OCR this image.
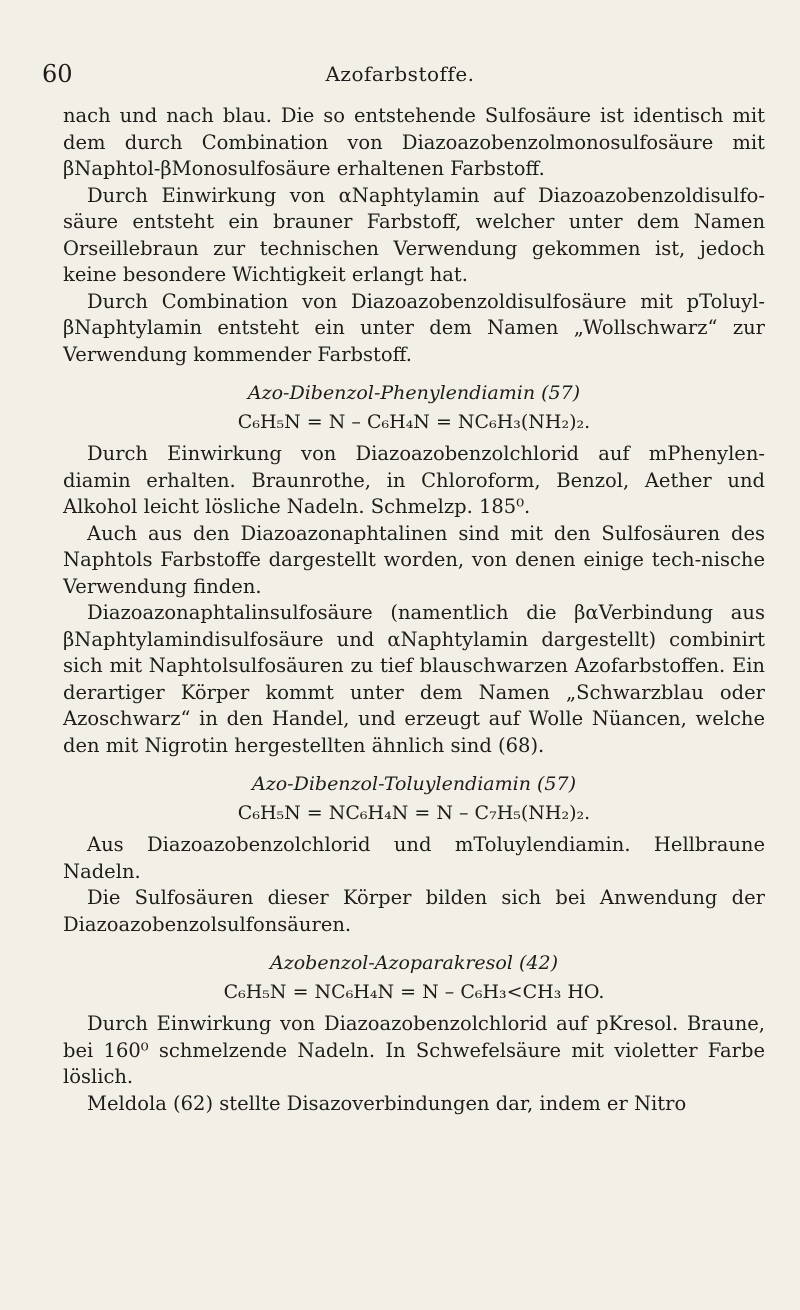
60	Azofarbstoffe.

nach und nach blau. Die so entstehende Sulfosäure ist identisch mit dem durch Combination von Diazoazobenzolmonosulfosäure mit βNaphtol-βMonosulfosäure erhaltenen Farbstoff.

Durch Einwirkung von αNaphtylamin auf Diazoazobenzoldisulfo-säure entsteht ein brauner Farbstoff, welcher unter dem Namen Orseillebraun zur technischen Verwendung gekommen ist, jedoch keine besondere Wichtigkeit erlangt hat.

Durch Combination von Diazoazobenzoldisulfosäure mit pToluyl-βNaphtylamin entsteht ein unter dem Namen „Wollschwarz“ zur Verwendung kommender Farbstoff.

Azo-Dibenzol-Phenylendiamin (57)
C₆H₅N = N – C₆H₄N = NC₆H₃(NH₂)₂.

Durch Einwirkung von Diazoazobenzolchlorid auf mPhenylen-diamin erhalten. Braunrothe, in Chloroform, Benzol, Aether und Alkohol leicht lösliche Nadeln. Schmelzp. 185⁰.

Auch aus den Diazoazonaphtalinen sind mit den Sulfosäuren des Naphtols Farbstoffe dargestellt worden, von denen einige tech-nische Verwendung finden.

Diazoazonaphtalinsulfosäure (namentlich die βαVerbindung aus βNaphtylamindisulfosäure und αNaphtylamin dargestellt) combinirt sich mit Naphtolsulfosäuren zu tief blauschwarzen Azofarbstoffen. Ein derartiger Körper kommt unter dem Namen „Schwarzblau oder Azoschwarz“ in den Handel, und erzeugt auf Wolle Nüancen, welche den mit Nigrotin hergestellten ähnlich sind (68).

Azo-Dibenzol-Toluylendiamin (57)
C₆H₅N = NC₆H₄N = N – C₇H₅(NH₂)₂.

Aus Diazoazobenzolchlorid und mToluylendiamin. Hellbraune Nadeln.

Die Sulfosäuren dieser Körper bilden sich bei Anwendung der Diazoazobenzolsulfonsäuren.

Azobenzol-Azoparakresol (42)
C₆H₅N = NC₆H₄N = N – C₆H₃<CH₃ HO.

Durch Einwirkung von Diazoazobenzolchlorid auf pKresol. Braune, bei 160⁰ schmelzende Nadeln. In Schwefelsäure mit violetter Farbe löslich.

Meldola (62) stellte Disazoverbindungen dar, indem er Nitro
